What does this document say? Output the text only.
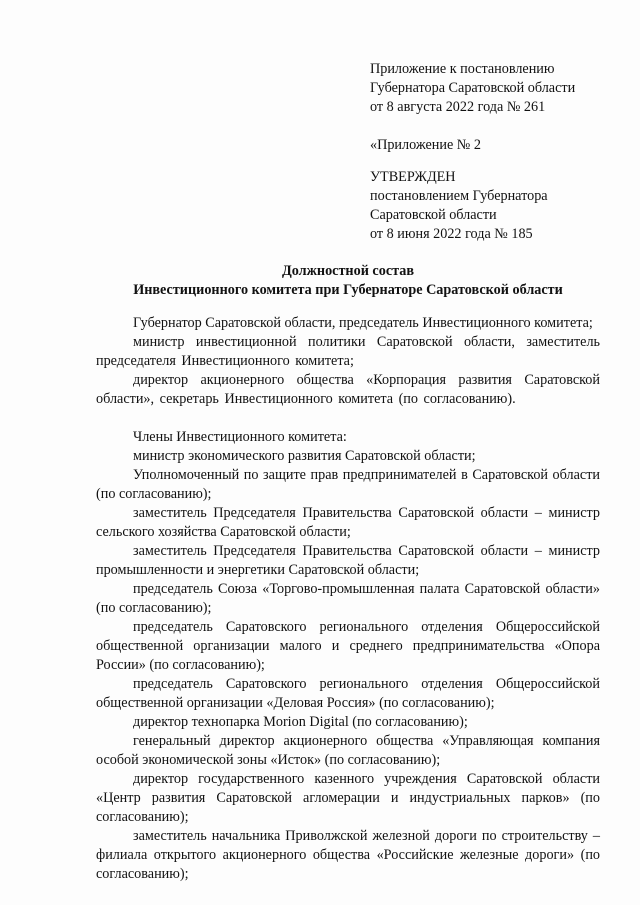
Приложение к постановлению
Губернатора Саратовской области
от 8 августа 2022 года № 261
«Приложение № 2
УТВЕРЖДЕН
постановлением Губернатора
Саратовской области
от 8 июня 2022 года № 185
Должностной состав
Инвестиционного комитета при Губернаторе Саратовской области

Губернатор Саратовской области, председатель Инвестиционного комитета;

министр инвестиционной политики Саратовской области, заместитель председателя Инвестиционного комитета;

директор акционерного общества «Корпорация развития Саратовской области», секретарь Инвестиционного комитета (по согласованию).

Члены Инвестиционного комитета:

министр экономического развития Саратовской области;

Уполномоченный по защите прав предпринимателей в Саратовской области (по согласованию);

заместитель Председателя Правительства Саратовской области – министр сельского хозяйства Саратовской области;

заместитель Председателя Правительства Саратовской области – министр промышленности и энергетики Саратовской области;

председатель Союза «Торгово-промышленная палата Саратовской области» (по согласованию);

председатель Саратовского регионального отделения Общероссийской общественной организации малого и среднего предпринимательства «Опора России» (по согласованию);

председатель Саратовского регионального отделения Общероссийской общественной организации «Деловая Россия» (по согласованию);

директор технопарка Morion Digital (по согласованию);

генеральный директор акционерного общества «Управляющая компания особой экономической зоны «Исток» (по согласованию);

директор государственного казенного учреждения Саратовской области «Центр развития Саратовской агломерации и индустриальных парков» (по согласованию);

заместитель начальника Приволжской железной дороги по строительству – филиала открытого акционерного общества «Российские железные дороги» (по согласованию);
